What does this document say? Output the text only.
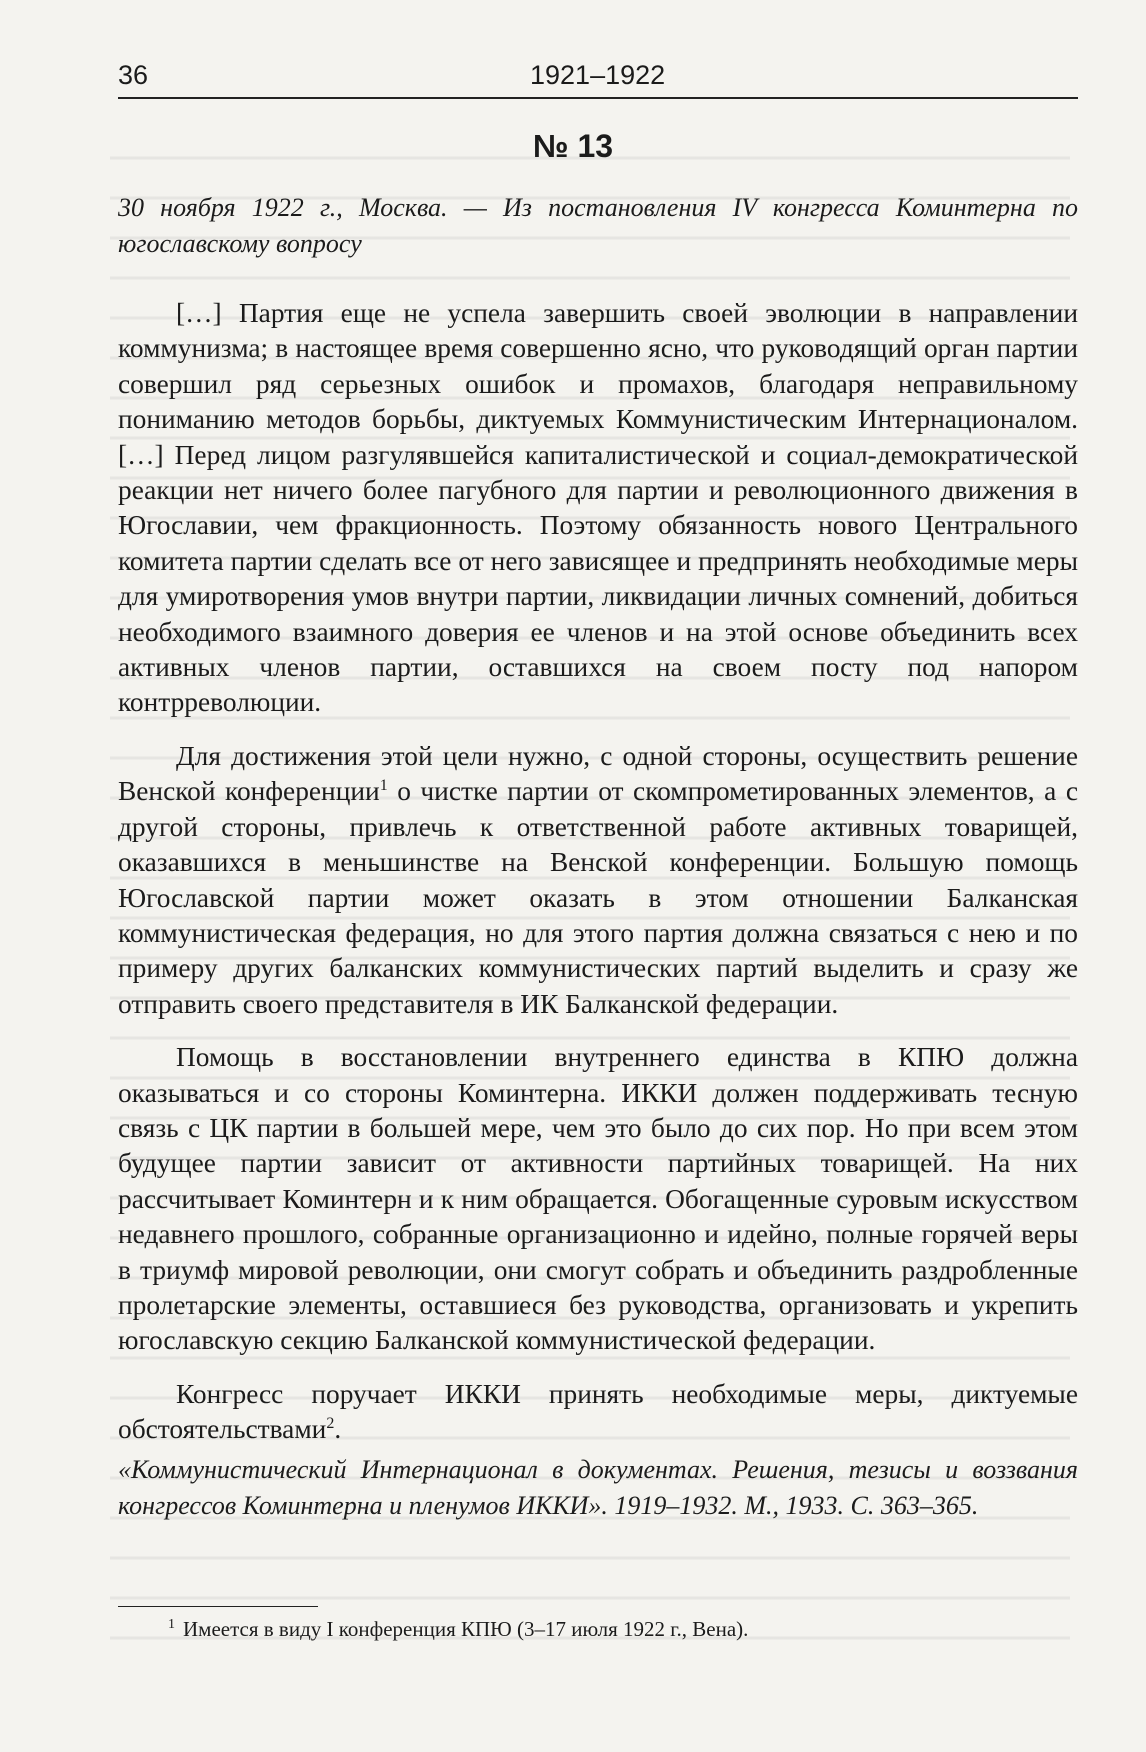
36	1921–1922
№ 13
30 ноября 1922 г., Москва. — Из постановления IV конгресса Коминтерна по югославскому вопросу

[…] Партия еще не успела завершить своей эволюции в направлении коммунизма; в настоящее время совершенно ясно, что руководящий орган партии совершил ряд серьезных ошибок и промахов, благодаря неправильному пониманию методов борьбы, диктуемых Коммунистическим Интернационалом. […] Перед лицом разгулявшейся капиталистической и социал-демократической реакции нет ничего более пагубного для партии и революционного движения в Югославии, чем фракционность. Поэтому обязанность нового Центрального комитета партии сделать все от него зависящее и предпринять необходимые меры для умиротворения умов внутри партии, ликвидации личных сомнений, добиться необходимого взаимного доверия ее членов и на этой основе объединить всех активных членов партии, оставшихся на своем посту под напором контрреволюции.

Для достижения этой цели нужно, с одной стороны, осуществить решение Венской конференции$^1$ о чистке партии от скомпрометированных элементов, а с другой стороны, привлечь к ответственной работе активных товарищей, оказавшихся в меньшинстве на Венской конференции. Большую помощь Югославской партии может оказать в этом отношении Балканская коммунистическая федерация, но для этого партия должна связаться с нею и по примеру других балканских коммунистических партий выделить и сразу же отправить своего представителя в ИК Балканской федерации.

Помощь в восстановлении внутреннего единства в КПЮ должна оказываться и со стороны Коминтерна. ИККИ должен поддерживать тесную связь с ЦК партии в большей мере, чем это было до сих пор. Но при всем этом будущее партии зависит от активности партийных товарищей. На них рассчитывает Коминтерн и к ним обращается. Обогащенные суровым искусством недавнего прошлого, собранные организационно и идейно, полные горячей веры в триумф мировой революции, они смогут собрать и объединить раздробленные пролетарские элементы, оставшиеся без руководства, организовать и укрепить югославскую секцию Балканской коммунистической федерации.

Конгресс поручает ИККИ принять необходимые меры, диктуемые обстоятельствами$^2$.

«Коммунистический Интернационал в документах. Решения, тезисы и воззвания конгрессов Коминтерна и пленумов ИККИ». 1919–1932. М., 1933. С. 363–365.
$^1$ Имеется в виду I конференция КПЮ (3–17 июля 1922 г., Вена).
